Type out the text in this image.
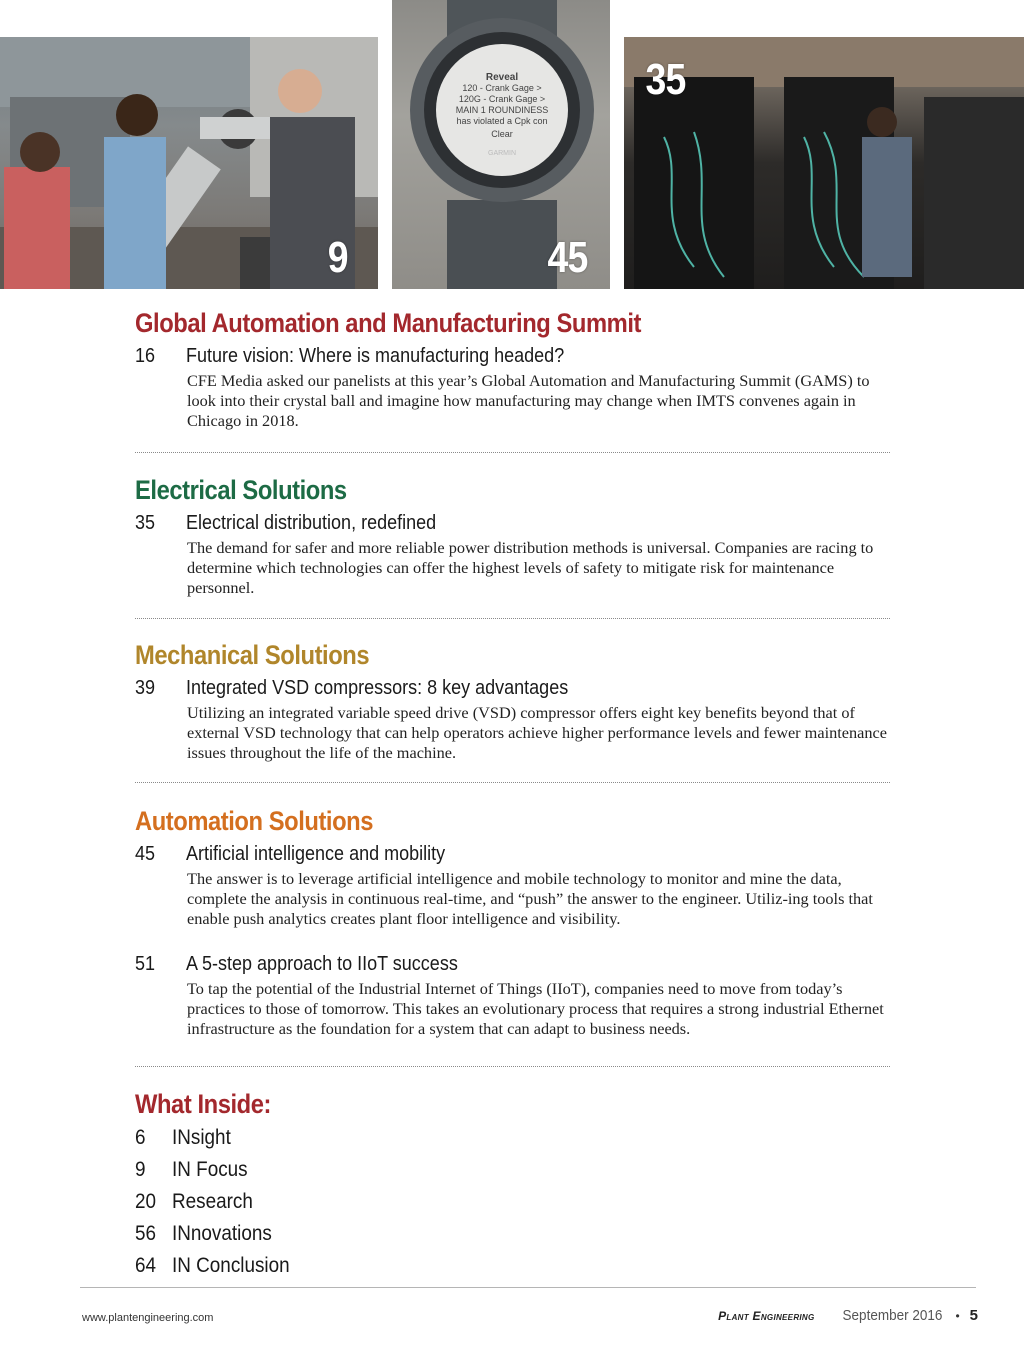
9
Reveal
120 - Crank Gage >
120G - Crank Gage >
MAIN 1 ROUNDINESS
has violated a Cpk con
Clear
GARMIN
45
35
Global Automation and Manufacturing Summit
16 Future vision: Where is manufacturing headed?
CFE Media asked our panelists at this year’s Global Automation and Manufacturing Summit (GAMS) to look into their crystal ball and imagine how manufacturing may change when IMTS convenes again in Chicago in 2018.
Electrical Solutions
35 Electrical distribution, redefined
The demand for safer and more reliable power distribution methods is universal. Companies are racing to determine which technologies can offer the highest levels of safety to mitigate risk for maintenance personnel.
Mechanical Solutions
39 Integrated VSD compressors: 8 key advantages
Utilizing an integrated variable speed drive (VSD) compressor offers eight key benefits beyond that of external VSD technology that can help operators achieve higher performance levels and fewer maintenance issues throughout the life of the machine.
Automation Solutions
45 Artificial intelligence and mobility
The answer is to leverage artificial intelligence and mobile technology to monitor and mine the data, complete the analysis in continuous real-time, and “push” the answer to the engineer. Utiliz-ing tools that enable push analytics creates plant floor intelligence and visibility.
51 A 5-step approach to IIoT success
To tap the potential of the Industrial Internet of Things (IIoT), companies need to move from today’s practices to those of tomorrow. This takes an evolutionary process that requires a strong industrial Ethernet infrastructure as the foundation for a system that can adapt to business needs.
What Inside:
6 INsight
9 IN Focus
20 Research
56 INnovations
64 IN Conclusion
www.plantengineering.com	Plant Engineering September 2016 • 5
